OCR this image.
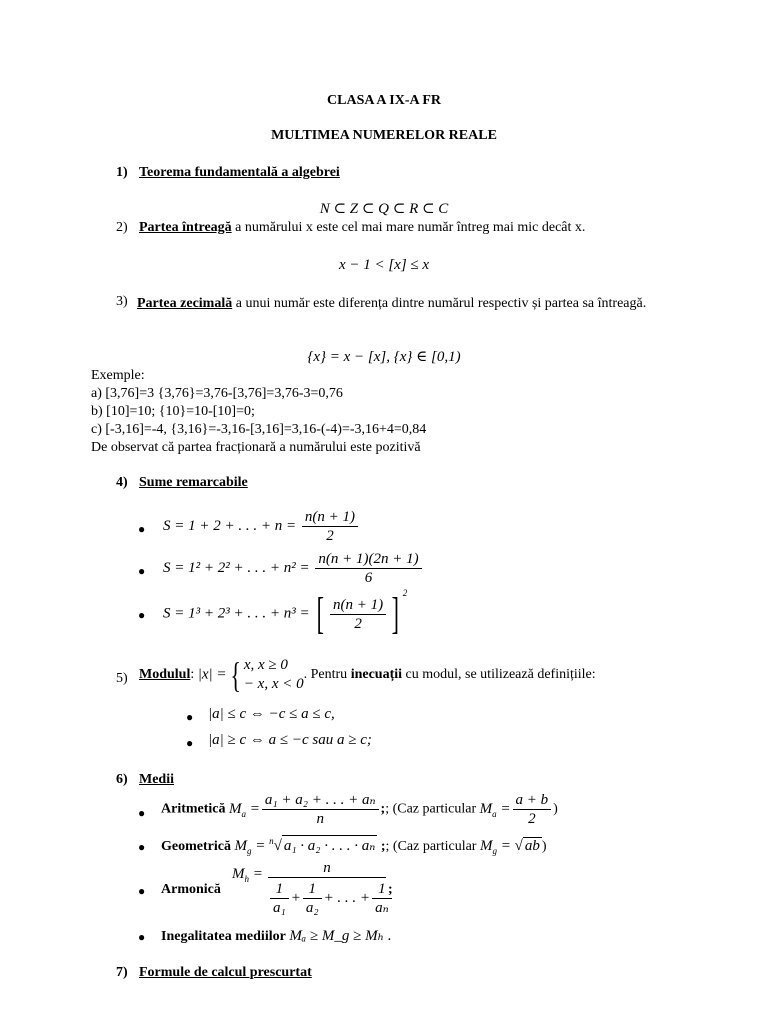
CLASA A IX-A FR
MULTIMEA NUMERELOR REALE
1) Teorema fundamentală a algebrei
N ⊂ Z ⊂ Q ⊂ R ⊂ C
2) Partea întreagă a numărului x este cel mai mare număr întreg mai mic decât x.
x − 1 < [x] ≤ x
3) Partea zecimală a unui număr este diferența dintre numărul respectiv și partea sa întreagă.
{x} = x − [x], {x} ∈ [0,1)
Exemple:
a) [3,76]=3 {3,76}=3,76-[3,76]=3,76-3=0,76
b) [10]=10; {10}=10-[10]=0;
c) [-3,16]=-4, {3,16}=-3,16-[3,16]=3,16-(-4)=-3,16+4=0,84
De observat că partea fracționară a numărului este pozitivă
4) Sume remarcabile
● S = 1 + 2 + . . . + $n = \frac{n(n + 1)}{2}$
● S = 1² + 2² + . . . + $n^2 = \frac{n(n + 1)(2n + 1)}{6}$
● S = 1³ + 2³ + . . . + n³ = [ $\frac{n(n + 1)}{2}$ ] $^2$
5) Modulul: |x| ={ x, x ≥ 0
− x, x < 0
. Pentru inecuații cu modul, se utilizează definițiile:
● |a| ≤ c ⇔ −c ≤ a ≤ c,
● |a| ≥ c ⇔ a ≤ −c sau a ≥ c;
6) Medii
● Aritmetică $M_a = \frac{\text{a₁ + a₂ + . . . + aₙ}}{n}$ ;; (Caz particular $M_a = \frac{a + b}{2}$ )
● Geometrică $M_g = ^n√$ a₁ · a₂ · . . . · aₙ ;; (Caz particular $M_g$ = √ ab )
● Armonică
$M_h$ =	n
$\frac{1}{\text{a₁}} + \frac{1}{\text{a₂}}$ + . . . + $\frac{1}{\text{aₙ}}$
;
● Inegalitatea mediilor Mₐ ≥ M_g ≥ Mₕ .
7) Formule de calcul prescurtat
